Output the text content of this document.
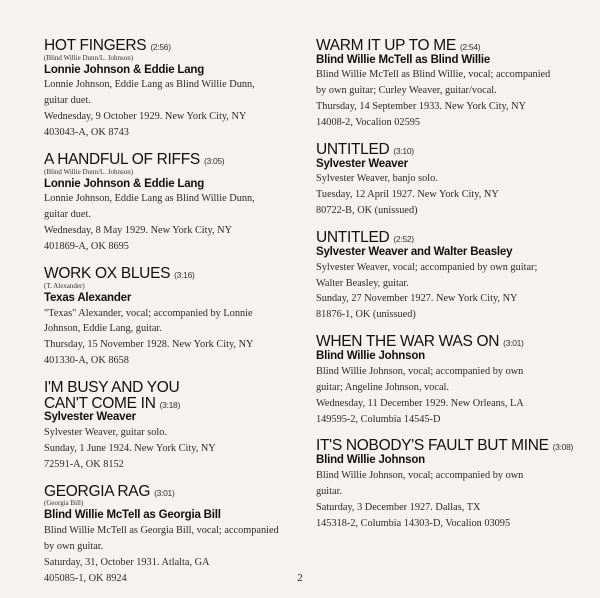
HOT FINGERS (2:56)
(Blind Willie Dunn/L. Johnson)
Lonnie Johnson & Eddie Lang
Lonnie Johnson, Eddie Lang as Blind Willie Dunn,
guitar duet.
Wednesday, 9 October 1929. New York City, NY
403043-A, OK 8743
A HANDFUL OF RIFFS (3:05)
(Blind Willie Dunn/L. Johnson)
Lonnie Johnson & Eddie Lang
Lonnie Johnson, Eddie Lang as Blind Willie Dunn,
guitar duet.
Wednesday, 8 May 1929. New York City, NY
401869-A, OK 8695
WORK OX BLUES (3:16)
(T. Alexander)
Texas Alexander
"Texas" Alexander, vocal; accompanied by Lonnie
Johnson, Eddie Lang, guitar.
Thursday, 15 November 1928. New York City, NY
401330-A, OK 8658
I'M BUSY AND YOU
CAN'T COME IN (3:18)
Sylvester Weaver
Sylvester Weaver, guitar solo.
Sunday, 1 June 1924. New York City, NY
72591-A, OK 8152
GEORGIA RAG (3:01)
(Georgia Bill)
Blind Willie McTell as Georgia Bill
Blind Willie McTell as Georgia Bill, vocal; accompanied
by own guitar.
Saturday, 31, October 1931. Atlalta, GA
405085-1, OK 8924
WARM IT UP TO ME (2:54)
Blind Willie McTell as Blind Willie
Blind Willie McTell as Blind Willie, vocal; accompanied
by own guitar; Curley Weaver, guitar/vocal.
Thursday, 14 September 1933. New York City, NY
14008-2, Vocalion 02595
UNTITLED (3:10)
Sylvester Weaver
Sylvester Weaver, banjo solo.
Tuesday, 12 April 1927. New York City, NY
80722-B, OK (unissued)
UNTITLED (2:52)
Sylvester Weaver and Walter Beasley
Sylvester Weaver, vocal; accompanied by own guitar;
Walter Beasley, guitar.
Sunday, 27 November 1927. New York City, NY
81876-1, OK (unissued)
WHEN THE WAR WAS ON (3:01)
Blind Willie Johnson
Blind Willie Johnson, vocal; accompanied by own
guitar; Angeline Johnson, vocal.
Wednesday, 11 December 1929. New Orleans, LA
149595-2, Columbia 14545-D
IT'S NOBODY'S FAULT BUT MINE (3:08)
Blind Willie Johnson
Blind Willie Johnson, vocal; accompanied by own
guitar.
Saturday, 3 December 1927. Dallas, TX
145318-2, Columbia 14303-D, Vocalion 03095
2
